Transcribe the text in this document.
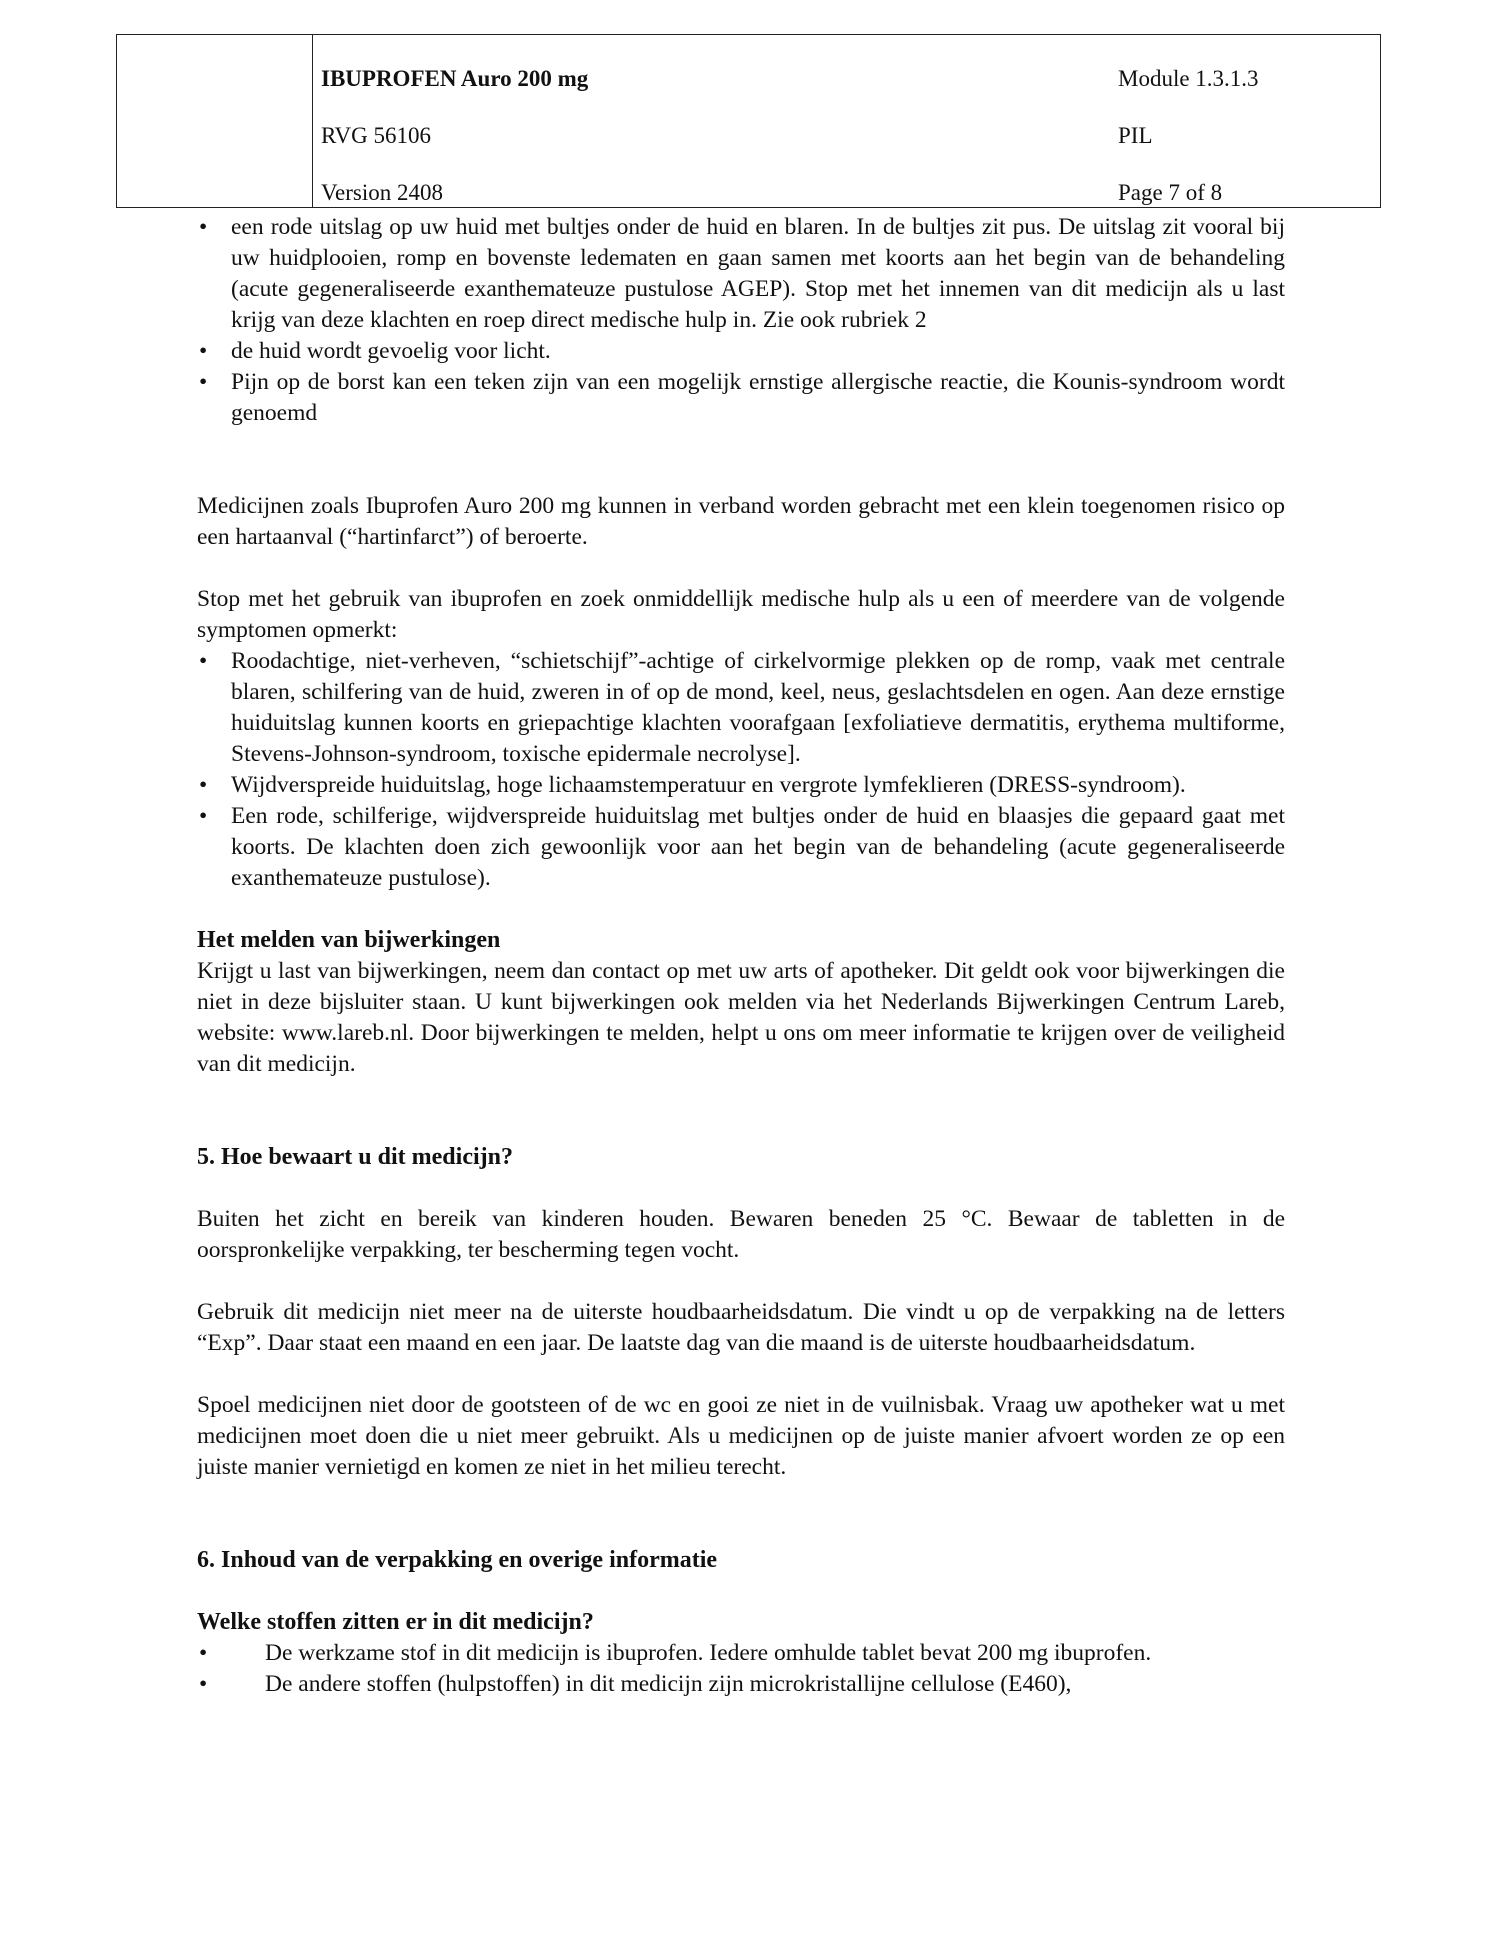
IBUPROFEN Auro 200 mg	Module 1.3.1.3
RVG 56106	PIL
Version 2408	Page 7 of 8
• een rode uitslag op uw huid met bultjes onder de huid en blaren. In de bultjes zit pus. De uitslag zit vooral bij uw huidplooien, romp en bovenste ledematen en gaan samen met koorts aan het begin van de behandeling (acute gegeneraliseerde exanthemateuze pustulose AGEP). Stop met het innemen van dit medicijn als u last krijg van deze klachten en roep direct medische hulp in. Zie ook rubriek 2
• de huid wordt gevoelig voor licht.
• Pijn op de borst kan een teken zijn van een mogelijk ernstige allergische reactie, die Kounis-syndroom wordt genoemd

Medicijnen zoals Ibuprofen Auro 200 mg kunnen in verband worden gebracht met een klein toegenomen risico op een hartaanval (“hartinfarct”) of beroerte.

Stop met het gebruik van ibuprofen en zoek onmiddellijk medische hulp als u een of meerdere van de volgende symptomen opmerkt:

• Roodachtige, niet-verheven, “schietschijf”-achtige of cirkelvormige plekken op de romp, vaak met centrale blaren, schilfering van de huid, zweren in of op de mond, keel, neus, geslachtsdelen en ogen. Aan deze ernstige huiduitslag kunnen koorts en griepachtige klachten voorafgaan [exfoliatieve dermatitis, erythema multiforme, Stevens-Johnson-syndroom, toxische epidermale necrolyse].
• Wijdverspreide huiduitslag, hoge lichaamstemperatuur en vergrote lymfeklieren (DRESS-syndroom).
• Een rode, schilferige, wijdverspreide huiduitslag met bultjes onder de huid en blaasjes die gepaard gaat met koorts. De klachten doen zich gewoonlijk voor aan het begin van de behandeling (acute gegeneraliseerde exanthemateuze pustulose).
Het melden van bijwerkingen

Krijgt u last van bijwerkingen, neem dan contact op met uw arts of apotheker. Dit geldt ook voor bijwerkingen die niet in deze bijsluiter staan. U kunt bijwerkingen ook melden via het Nederlands Bijwerkingen Centrum Lareb, website: www.lareb.nl. Door bijwerkingen te melden, helpt u ons om meer informatie te krijgen over de veiligheid van dit medicijn.

5. Hoe bewaart u dit medicijn?

Buiten het zicht en bereik van kinderen houden. Bewaren beneden 25 °C. Bewaar de tabletten in de oorspronkelijke verpakking, ter bescherming tegen vocht.

Gebruik dit medicijn niet meer na de uiterste houdbaarheidsdatum. Die vindt u op de verpakking na de letters “Exp”. Daar staat een maand en een jaar. De laatste dag van die maand is de uiterste houdbaarheidsdatum.

Spoel medicijnen niet door de gootsteen of de wc en gooi ze niet in de vuilnisbak. Vraag uw apotheker wat u met medicijnen moet doen die u niet meer gebruikt. Als u medicijnen op de juiste manier afvoert worden ze op een juiste manier vernietigd en komen ze niet in het milieu terecht.

6. Inhoud van de verpakking en overige informatie
Welke stoffen zitten er in dit medicijn?
• De werkzame stof in dit medicijn is ibuprofen. Iedere omhulde tablet bevat 200 mg ibuprofen.
• De andere stoffen (hulpstoffen) in dit medicijn zijn microkristallijne cellulose (E460),
